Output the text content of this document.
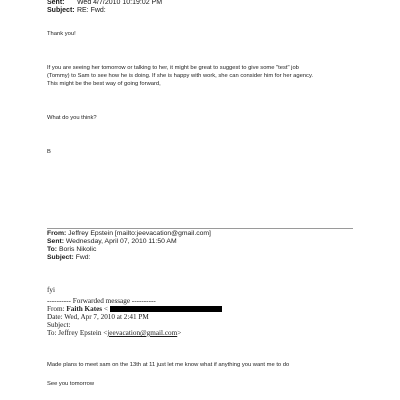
Sent: Wed 4/7/2010 10:19:02 PM
Subject: RE: Fwd:
Thank you!
If you are seeing her tomorrow or talking to her, it might be great to suggest to give some "test" job
(Tommy) to Sam to see how he is doing. If she is happy with work, she can consider him for her agency.
This might be the best way of going forward,
What do you think?
B
From: Jeffrey Epstein [mailto:jeevacation@gmail.com]
Sent: Wednesday, April 07, 2010 11:50 AM
To: Boris Nikolic
Subject: Fwd:
fyi
---------- Forwarded message ----------
From: Faith Kates <
Date: Wed, Apr 7, 2010 at 2:41 PM
Subject:
To: Jeffrey Epstein <jeevacation@gmail.com>
Made plans to meet sam on the 13th at 11 just let me know what if anything you want me to do
See you tomorrow
